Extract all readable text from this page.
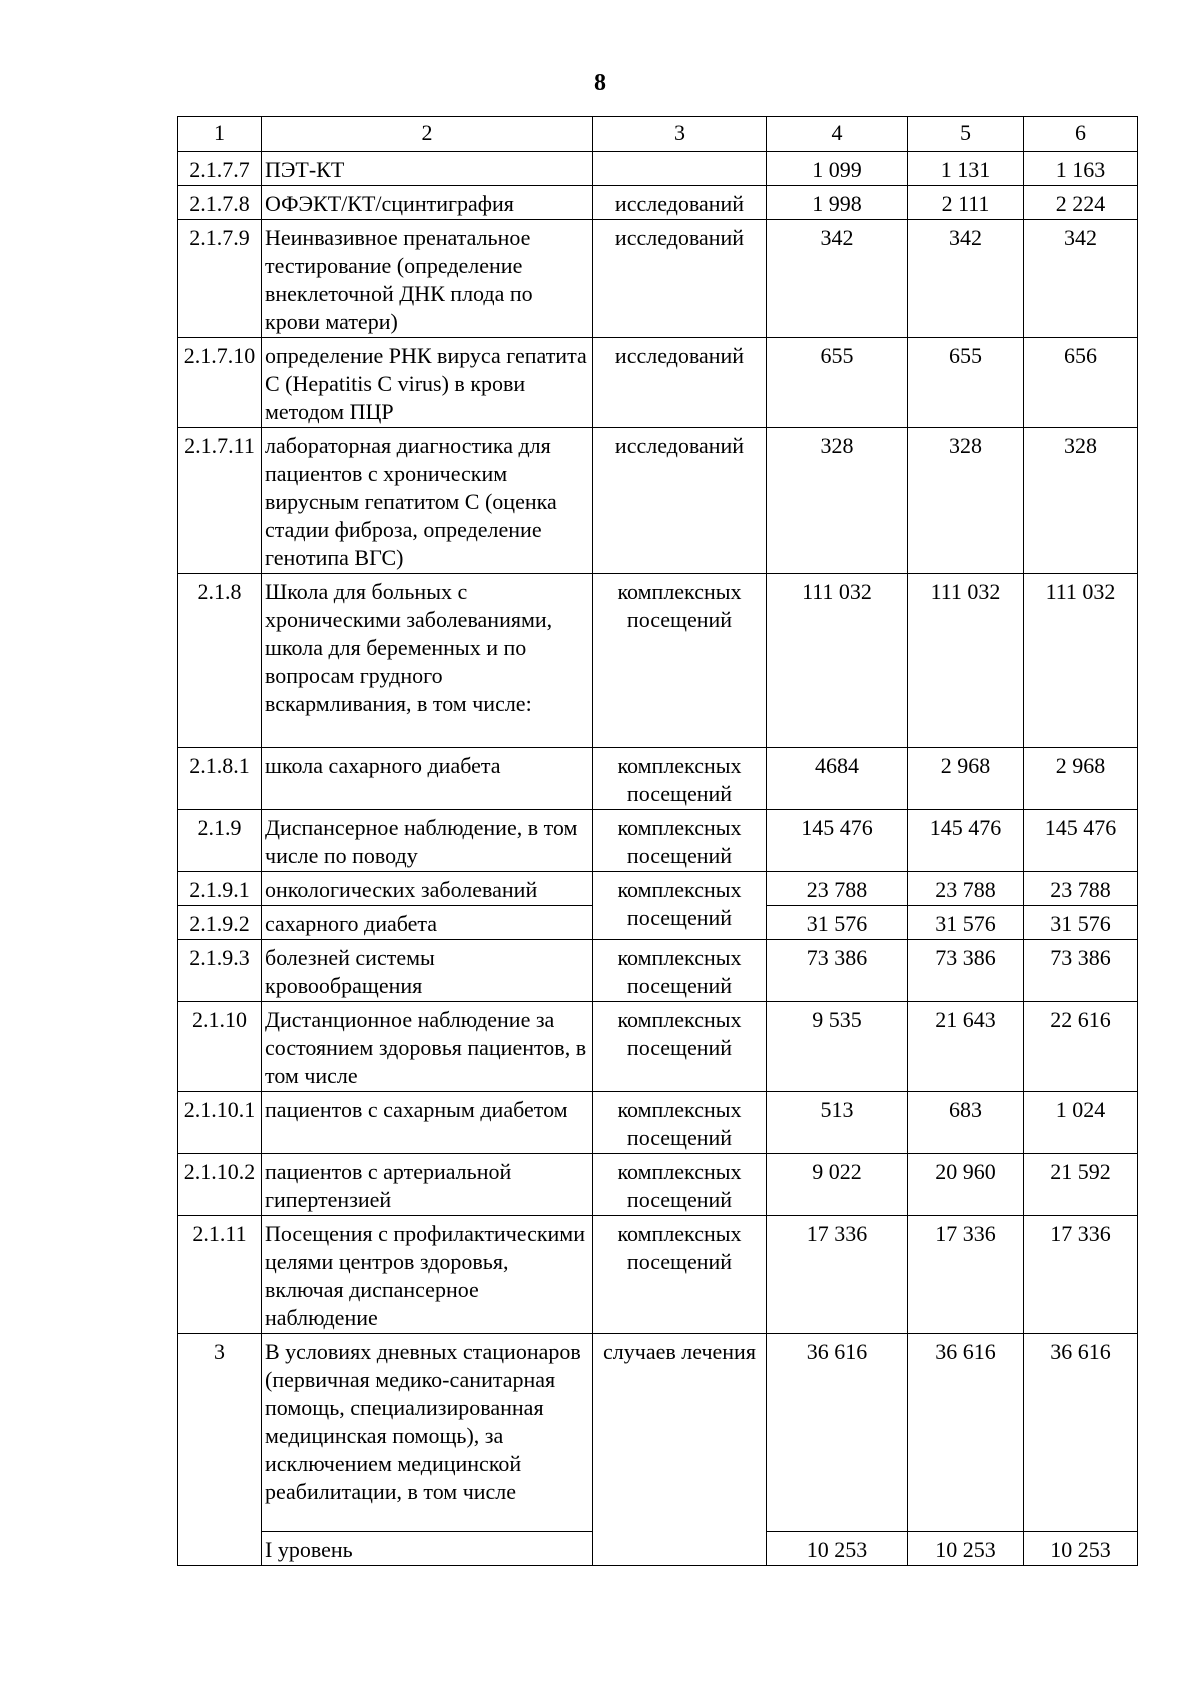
8
1	2	3	4	5	6
2.1.7.7	ПЭТ-КТ		1 099	1 131	1 163
2.1.7.8	ОФЭКТ/КТ/сцинтиграфия	исследований	1 998	2 111	2 224
2.1.7.9	Неинвазивное пренатальное тестирование (определение внеклеточной ДНК плода по крови матери)	исследований	342	342	342
2.1.7.10	определение РНК вируса гепатита С (Hepatitis C virus) в крови методом ПЦР	исследований	655	655	656
2.1.7.11	лабораторная диагностика для пациентов с хроническим вирусным гепатитом С (оценка стадии фиброза, определение генотипа ВГС)	исследований	328	328	328
2.1.8	Школа для больных с хроническими заболеваниями, школа для беременных и по вопросам грудного вскармливания, в том числе:	комплексных посещений	111 032	111 032	111 032
2.1.8.1	школа сахарного диабета	комплексных посещений	4684	2 968	2 968
2.1.9	Диспансерное наблюдение, в том числе по поводу	комплексных посещений	145 476	145 476	145 476
2.1.9.1	онкологических заболеваний	комплексных посещений	23 788	23 788	23 788
2.1.9.2	сахарного диабета		31 576	31 576	31 576
2.1.9.3	болезней системы кровообращения	комплексных посещений	73 386	73 386	73 386
2.1.10	Дистанционное наблюдение за состоянием здоровья пациентов, в том числе	комплексных посещений	9 535	21 643	22 616
2.1.10.1	пациентов с сахарным диабетом	комплексных посещений	513	683	1 024
2.1.10.2	пациентов с артериальной гипертензией	комплексных посещений	9 022	20 960	21 592
2.1.11	Посещения с профилактическими целями центров здоровья, включая диспансерное наблюдение	комплексных посещений	17 336	17 336	17 336
3	В условиях дневных стационаров (первичная медико-санитарная помощь, специализированная медицинская помощь), за исключением медицинской реабилитации, в том числе	случаев лечения	36 616	36 616	36 616
	I уровень		10 253	10 253	10 253
